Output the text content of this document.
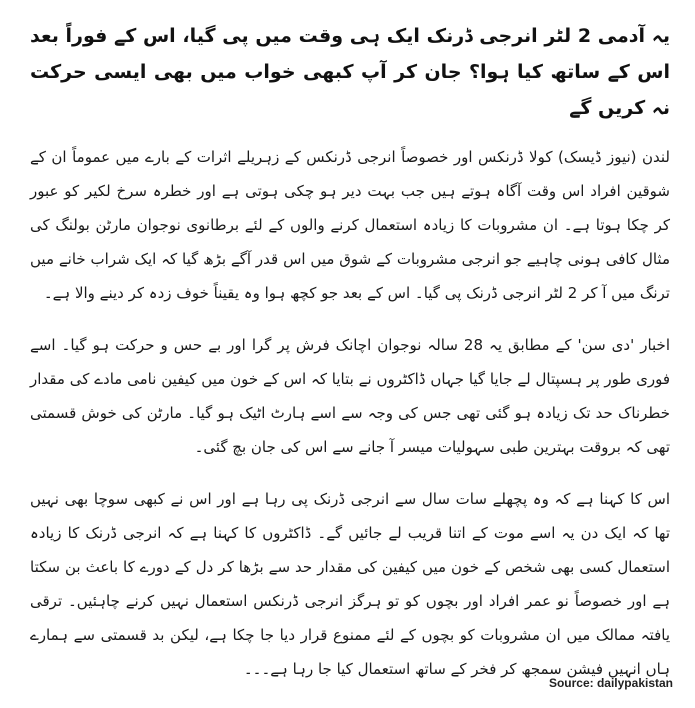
یہ آدمی 2 لٹر انرجی ڈرنک ایک ہی وقت میں پی گیا، اس کے فوراً بعد اس کے ساتھ کیا ہوا؟ جان کر آپ کبھی خواب میں بھی ایسی حرکت نہ کریں گے

لندن (نیوز ڈیسک) کولا ڈرنکس اور خصوصاً انرجی ڈرنکس کے زہریلے اثرات کے بارے میں عموماً ان کے شوقین افراد اس وقت آگاہ ہوتے ہیں جب بہت دیر ہو چکی ہوتی ہے اور خطرہ سرخ لکیر کو عبور کر چکا ہوتا ہے۔ ان مشروبات کا زیادہ استعمال کرنے والوں کے لئے برطانوی نوجوان مارٹن بولنگ کی مثال کافی ہونی چاہیے جو انرجی مشروبات کے شوق میں اس قدر آگے بڑھ گیا کہ ایک شراب خانے میں ترنگ میں آ کر 2 لٹر انرجی ڈرنک پی گیا۔ اس کے بعد جو کچھ ہوا وہ یقیناً خوف زدہ کر دینے والا ہے۔

اخبار 'دی سن' کے مطابق یہ 28 سالہ نوجوان اچانک فرش پر گرا اور بے حس و حرکت ہو گیا۔ اسے فوری طور پر ہسپتال لے جایا گیا جہاں ڈاکٹروں نے بتایا کہ اس کے خون میں کیفین نامی مادے کی مقدار خطرناک حد تک زیادہ ہو گئی تھی جس کی وجہ سے اسے ہارٹ اٹیک ہو گیا۔ مارٹن کی خوش قسمتی تھی کہ بروقت بہترین طبی سہولیات میسر آ جانے سے اس کی جان بچ گئی۔

اس کا کہنا ہے کہ وہ پچھلے سات سال سے انرجی ڈرنک پی رہا ہے اور اس نے کبھی سوچا بھی نہیں تھا کہ ایک دن یہ اسے موت کے اتنا قریب لے جائیں گے۔ ڈاکٹروں کا کہنا ہے کہ انرجی ڈرنک کا زیادہ استعمال کسی بھی شخص کے خون میں کیفین کی مقدار حد سے بڑھا کر دل کے دورے کا باعث بن سکتا ہے اور خصوصاً نو عمر افراد اور بچوں کو تو ہرگز انرجی ڈرنکس استعمال نہیں کرنے چاہئیں۔ ترقی یافتہ ممالک میں ان مشروبات کو بچوں کے لئے ممنوع قرار دیا جا چکا ہے، لیکن بد قسمتی سے ہمارے ہاں انہیں فیشن سمجھ کر فخر کے ساتھ استعمال کیا جا رہا ہے۔۔۔

Source: dailypakistan
